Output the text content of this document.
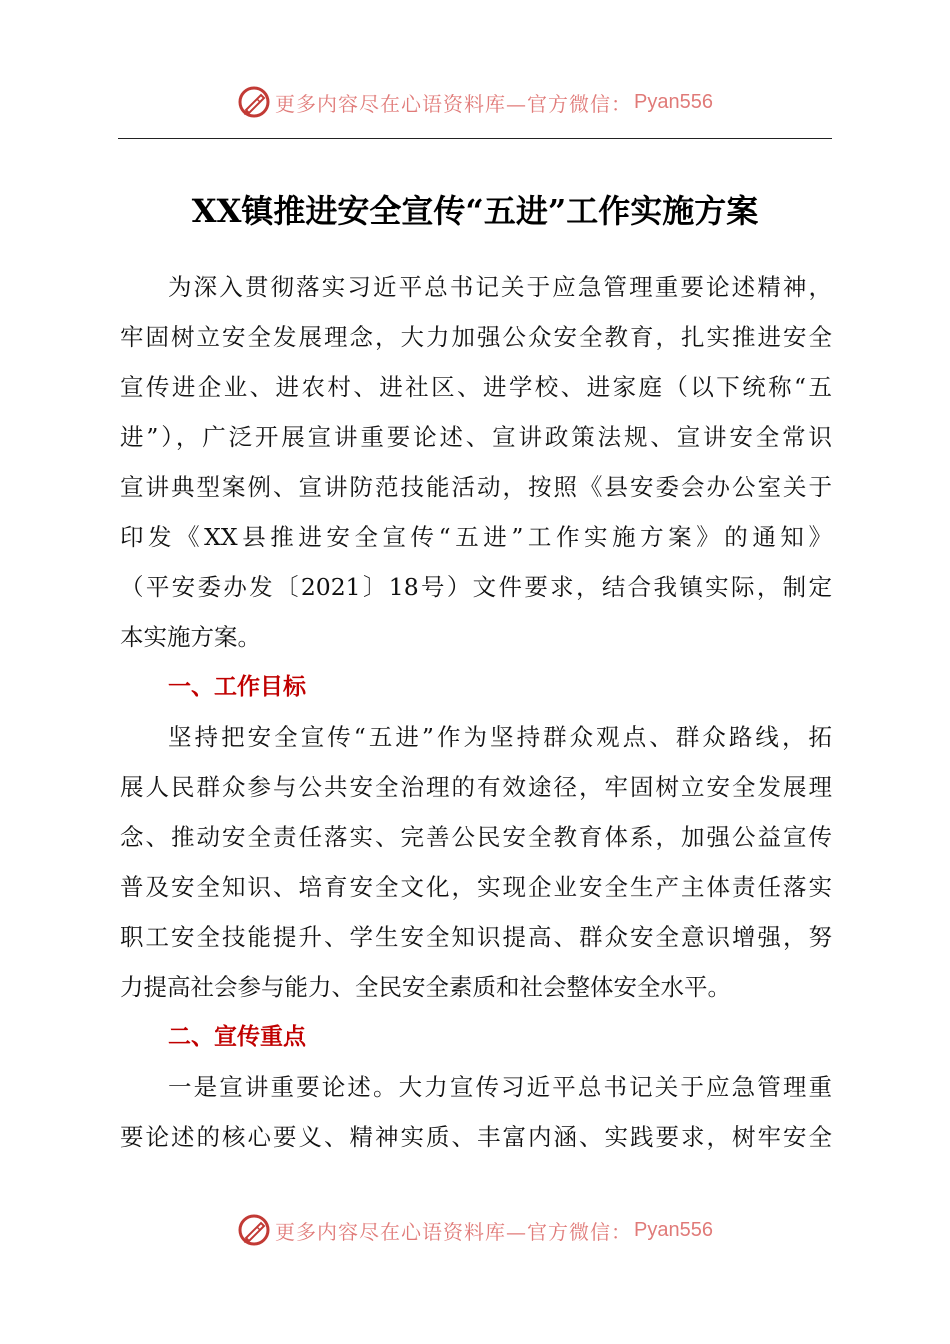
更多内容尽在心语资料库—官方微信： Pyan556
XX镇推进安全宣传“五进”工作实施方案
为深入贯彻落实习近平总书记关于应急管理重要论述精神，
牢固树立安全发展理念，大力加强公众安全教育，扎实推进安全
宣传进企业、进农村、进社区、进学校、进家庭（以下统称“五
进”），广泛开展宣讲重要论述、宣讲政策法规、宣讲安全常识
宣讲典型案例、宣讲防范技能活动，按照《县安委会办公室关于
印发《XX县推进安全宣传“五进”工作实施方案》的通知》
（平安委办发〔2021〕18号）文件要求，结合我镇实际，制定
本实施方案。
一、工作目标
坚持把安全宣传“五进”作为坚持群众观点、群众路线，拓
展人民群众参与公共安全治理的有效途径，牢固树立安全发展理
念、推动安全责任落实、完善公民安全教育体系，加强公益宣传
普及安全知识、培育安全文化，实现企业安全生产主体责任落实
职工安全技能提升、学生安全知识提高、群众安全意识增强，努
力提高社会参与能力、全民安全素质和社会整体安全水平。
二、宣传重点
一是宣讲重要论述。大力宣传习近平总书记关于应急管理重
要论述的核心要义、精神实质、丰富内涵、实践要求，树牢安全
更多内容尽在心语资料库—官方微信： Pyan556
